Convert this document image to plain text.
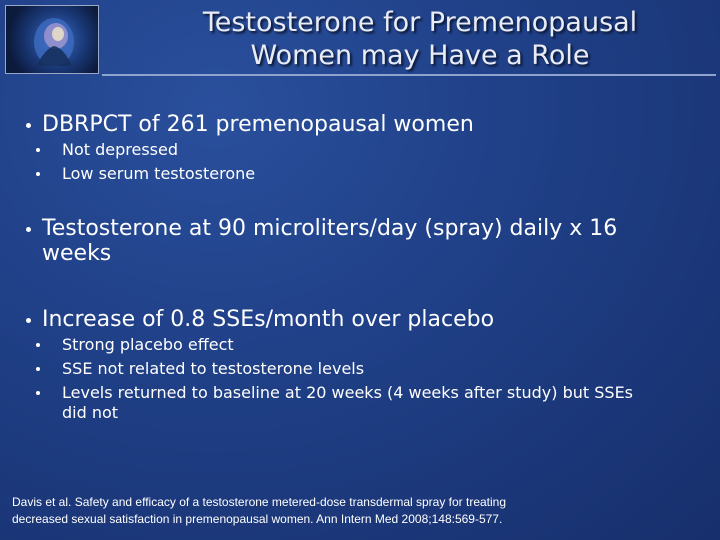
Testosterone for Premenopausal
Women may Have a Role
DBRPCT of 261 premenopausal women
Not depressed
Low serum testosterone
Testosterone at 90 microliters/day (spray) daily x 16
weeks
Increase of 0.8 SSEs/month over placebo
Strong placebo effect
SSE not related to testosterone levels
Levels returned to baseline at 20 weeks (4 weeks after study) but SSEs
did not
Davis et al. Safety and efficacy of a testosterone metered-dose transdermal spray for treating
decreased sexual satisfaction in premenopausal women. Ann Intern Med 2008;148:569-577.
